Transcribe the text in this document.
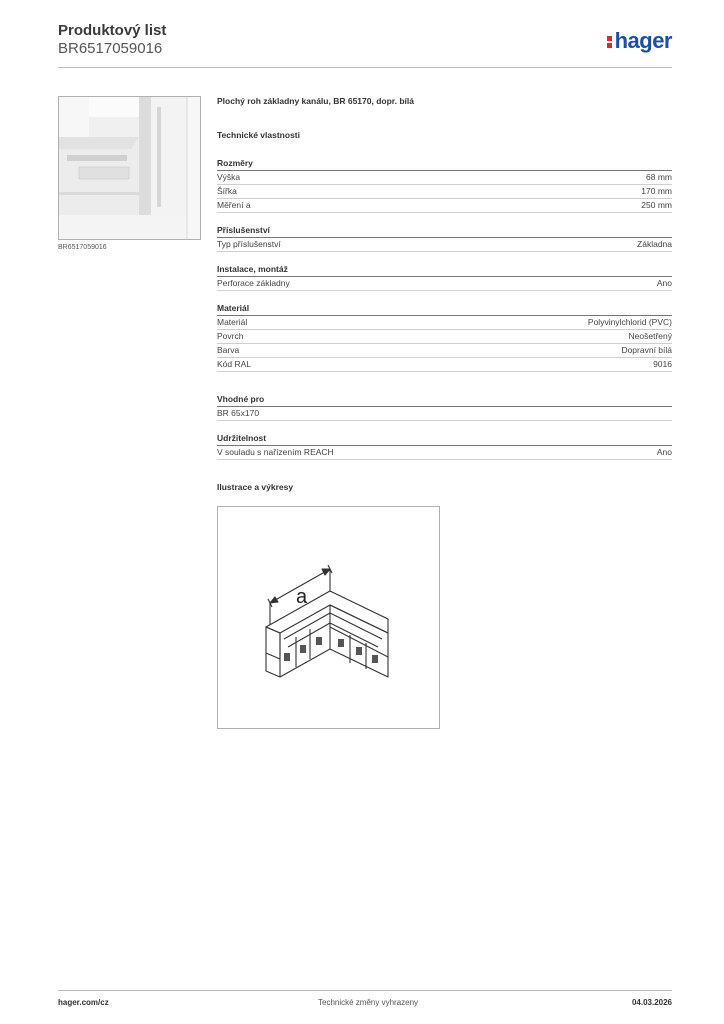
Produktový list
BR6517059016	hager
BR6517059016
Plochý roh základny kanálu, BR 65170, dopr. bílá
Technické vlastnosti
Rozměry
Výška	68 mm
Šířka	170 mm
Měření a	250 mm
Příslušenství
Typ příslušenství	Základna
Instalace, montáž
Perforace základny	Ano
Materiál
Materiál	Polyvinylchlorid (PVC)
Povrch	Neošetřený
Barva	Dopravní bílá
Kód RAL	9016
Vhodné pro
BR 65x170
Udržitelnost
V souladu s nařízením REACH	Ano
Ilustrace a výkresy
a
hager.com/cz	Technické změny vyhrazeny	04.03.2026
